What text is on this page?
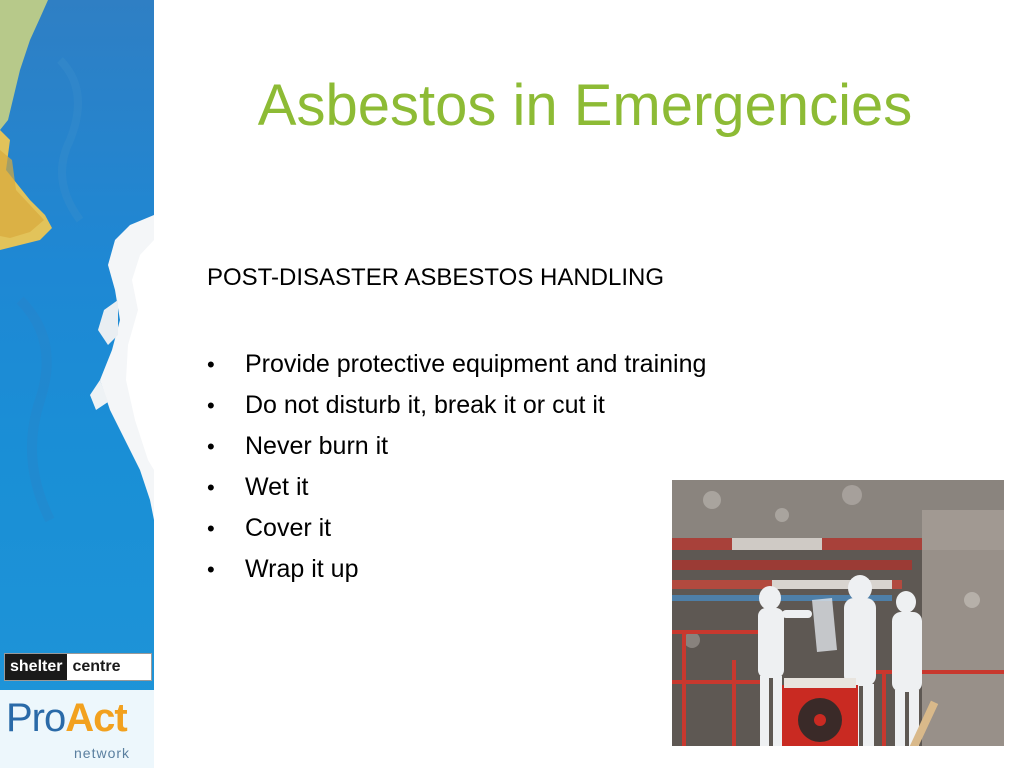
shelter centre
ProAct
network
Asbestos in Emergencies

POST-DISASTER ASBESTOS HANDLING

•	Provide protective equipment and training
•	Do not disturb it, break it or cut it
•	Never burn it
•	Wet it
•	Cover it
•	Wrap it up
